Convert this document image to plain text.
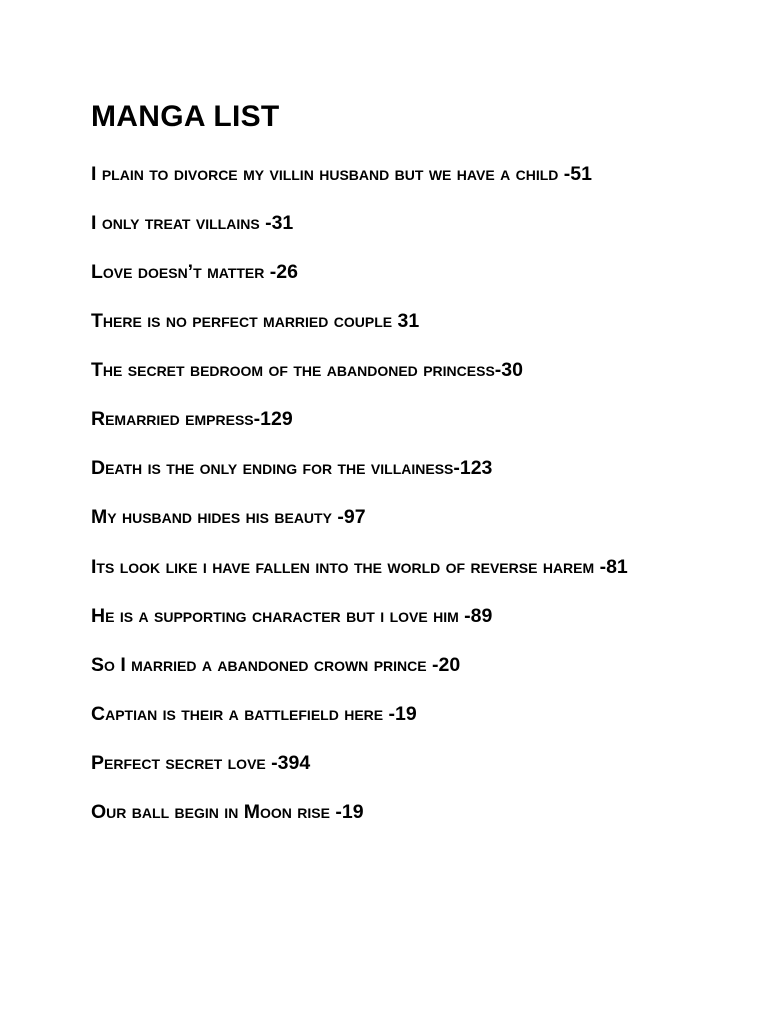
MANGA LIST
I plain to divorce my villin husband but we have a child -51
I only treat villains -31
Love doesn’t matter -26
There is no perfect married couple 31
The secret bedroom of the abandoned princess-30
Remarried empress-129
Death is the only ending for the villainess-123
My husband hides his beauty -97
Its look like i have fallen into the world of reverse harem -81
He is a supporting character but i love him -89
So I married a abandoned crown prince -20
Captian is their a battlefield here -19
Perfect secret love -394
Our ball begin in Moon rise -19
